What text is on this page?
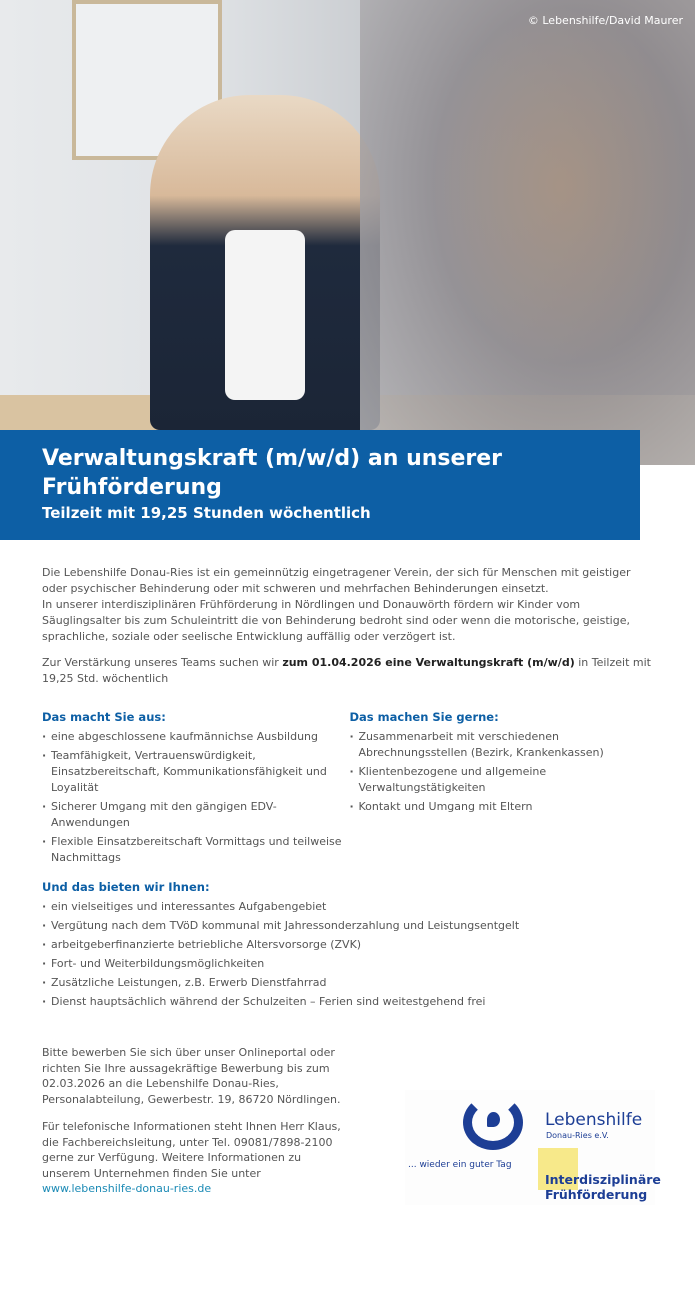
© Lebenshilfe/David Maurer
Verwaltungskraft (m/w/d) an unserer Frühförderung
Teilzeit mit 19,25 Stunden wöchentlich

Die Lebenshilfe Donau-Ries ist ein gemeinnützig eingetragener Verein, der sich für Menschen mit geistiger oder psychischer Behinderung oder mit schweren und mehrfachen Behinderungen einsetzt.
In unserer interdisziplinären Frühförderung in Nördlingen und Donauwörth fördern wir Kinder vom Säuglingsalter bis zum Schuleintritt die von Behinderung bedroht sind oder wenn die motorische, geistige, sprachliche, soziale oder seelische Entwicklung auffällig oder verzögert ist.

Zur Verstärkung unseres Teams suchen wir zum 01.04.2026 eine Verwaltungskraft (m/w/d) in Teilzeit mit 19,25 Std. wöchentlich

Das macht Sie aus:
· eine abgeschlossene kaufmännichse Ausbildung
· Teamfähigkeit, Vertrauenswürdigkeit, Einsatzbereitschaft, Kommunikationsfähigkeit und Loyalität
· Sicherer Umgang mit den gängigen EDV-Anwendungen
· Flexible Einsatzbereitschaft Vormittags und teilweise Nachmittags
Das machen Sie gerne:
· Zusammenarbeit mit verschiedenen Abrechnungsstellen (Bezirk, Krankenkassen)
· Klientenbezogene und allgemeine Verwaltungstätigkeiten
· Kontakt und Umgang mit Eltern
Und das bieten wir Ihnen:
· ein vielseitiges und interessantes Aufgabengebiet
· Vergütung nach dem TVöD kommunal mit Jahressonderzahlung und Leistungsentgelt
· arbeitgeberfinanzierte betriebliche Altersvorsorge (ZVK)
· Fort- und Weiterbildungsmöglichkeiten
· Zusätzliche Leistungen, z.B. Erwerb Dienstfahrrad
· Dienst hauptsächlich während der Schulzeiten – Ferien sind weitestgehend frei

Bitte bewerben Sie sich über unser Onlineportal oder richten Sie Ihre aussagekräftige Bewerbung bis zum 02.03.2026 an die Lebenshilfe Donau-Ries, Personalabteilung, Gewerbestr. 19, 86720 Nördlingen.

Für telefonische Informationen steht Ihnen Herr Klaus, die Fachbereichsleitung, unter Tel. 09081/7898-2100 gerne zur Verfügung. Weitere Informationen zu unserem Unternehmen finden Sie unter
www.lebenshilfe-donau-ries.de

Lebenshilfe
Donau-Ries e.V.
... wieder ein guter Tag
Interdisziplinäre
Frühförderung
